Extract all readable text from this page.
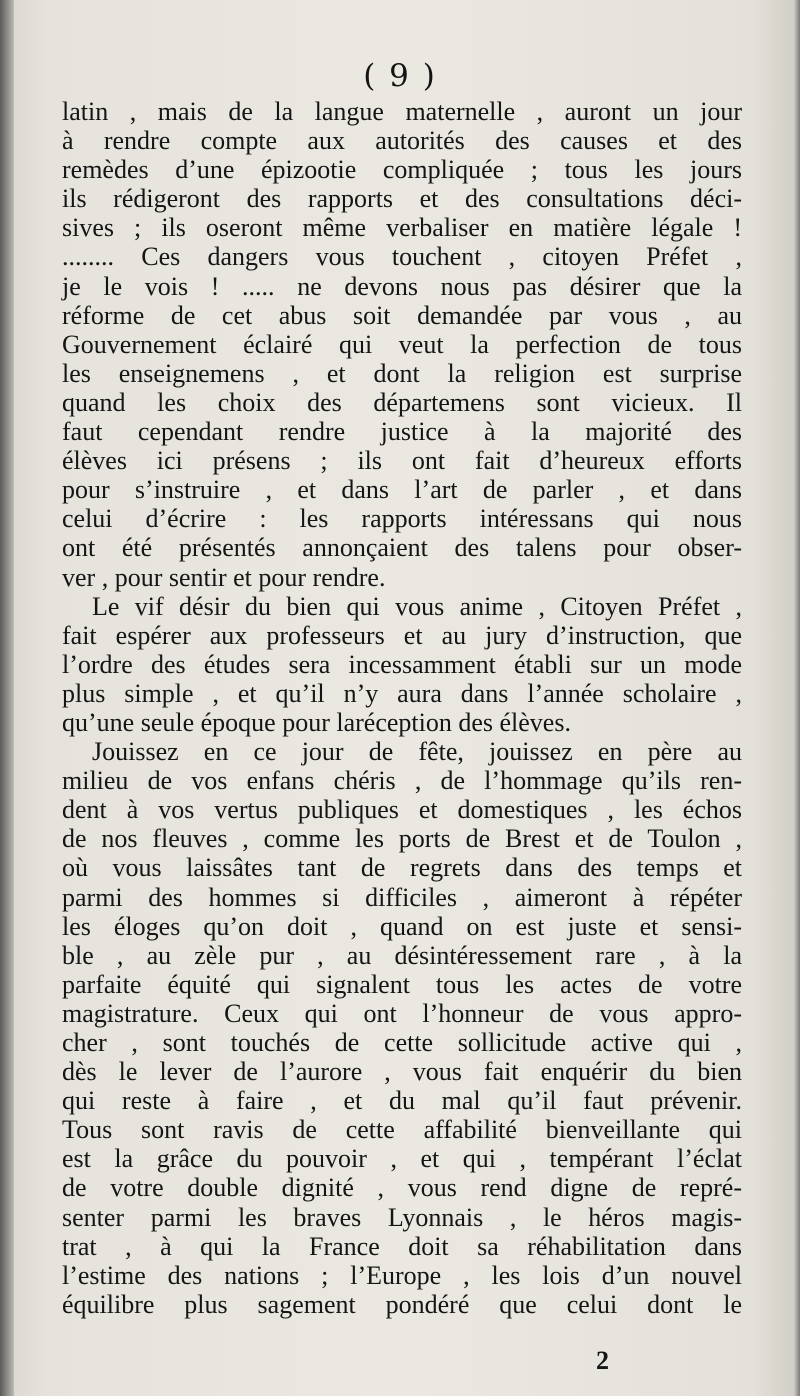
( 9 )
latin , mais de la langue maternelle , auront un jour
à rendre compte aux autorités des causes et des
remèdes d’une épizootie compliquée ; tous les jours
ils rédigeront des rapports et des consultations déci-
sives ; ils oseront même verbaliser en matière légale !
........ Ces dangers vous touchent , citoyen Préfet ,
je le vois ! ..... ne devons nous pas désirer que la
réforme de cet abus soit demandée par vous , au
Gouvernement éclairé qui veut la perfection de tous
les enseignemens , et dont la religion est surprise
quand les choix des départemens sont vicieux. Il
faut cependant rendre justice à la majorité des
élèves ici présens ; ils ont fait d’heureux efforts
pour s’instruire , et dans l’art de parler , et dans
celui d’écrire : les rapports intéressans qui nous
ont été présentés annonçaient des talens pour obser-
ver , pour sentir et pour rendre.
Le vif désir du bien qui vous anime , Citoyen Préfet ,
fait espérer aux professeurs et au jury d’instruction, que
l’ordre des études sera incessamment établi sur un mode
plus simple , et qu’il n’y aura dans l’année scholaire ,
qu’une seule époque pour laréception des élèves.
Jouissez en ce jour de fête, jouissez en père au
milieu de vos enfans chéris , de l’hommage qu’ils ren-
dent à vos vertus publiques et domestiques , les échos
de nos fleuves , comme les ports de Brest et de Toulon ,
où vous laissâtes tant de regrets dans des temps et
parmi des hommes si difficiles , aimeront à répéter
les éloges qu’on doit , quand on est juste et sensi-
ble , au zèle pur , au désintéressement rare , à la
parfaite équité qui signalent tous les actes de votre
magistrature. Ceux qui ont l’honneur de vous appro-
cher , sont touchés de cette sollicitude active qui ,
dès le lever de l’aurore , vous fait enquérir du bien
qui reste à faire , et du mal qu’il faut prévenir.
Tous sont ravis de cette affabilité bienveillante qui
est la grâce du pouvoir , et qui , tempérant l’éclat
de votre double dignité , vous rend digne de repré-
senter parmi les braves Lyonnais , le héros magis-
trat , à qui la France doit sa réhabilitation dans
l’estime des nations ; l’Europe , les lois d’un nouvel
équilibre plus sagement pondéré que celui dont le
2
